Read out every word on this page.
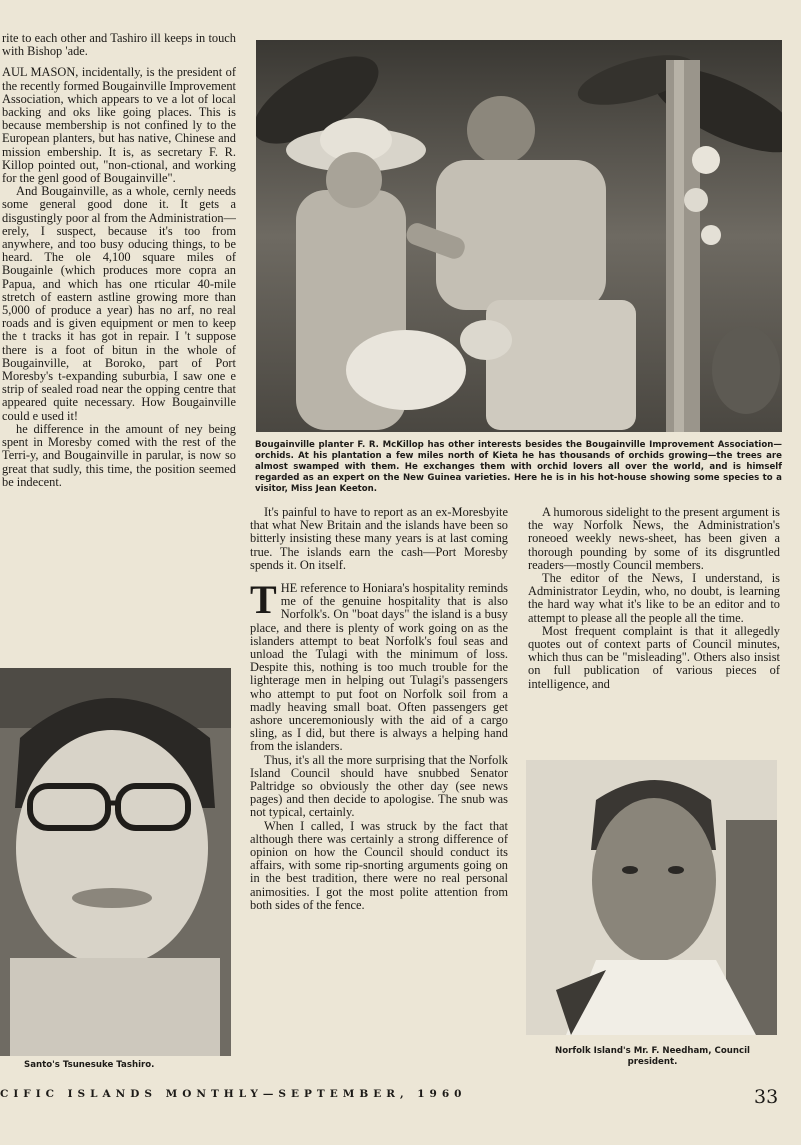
rite to each other and Tashiro ill keeps in touch with Bishop 'ade.

AUL MASON, incidentally, is the president of the recently formed Bougainville Improvement Association, which appears to ve a lot of local backing and oks like going places. This is because membership is not confined ly to the European planters, but has native, Chinese and mission embership. It is, as secretary F. R. Killop pointed out, "non-ctional, and working for the genl good of Bougainville".

And Bougainville, as a whole, cernly needs some general good done it. It gets a disgustingly poor al from the Administration—erely, I suspect, because it's too from anywhere, and too busy oducing things, to be heard. The ole 4,100 square miles of Bougainle (which produces more copra an Papua, and which has one rticular 40-mile stretch of eastern astline growing more than 5,000 of produce a year) has no arf, no real roads and is given equipment or men to keep the t tracks it has got in repair. I 't suppose there is a foot of bitun in the whole of Bougainville, at Boroko, part of Port Moresby's t-expanding suburbia, I saw one e strip of sealed road near the opping centre that appeared quite necessary. How Bougainville could e used it!

he difference in the amount of ney being spent in Moresby comed with the rest of the Terri-y, and Bougainville in parular, is now so great that sudly, this time, the position seemed be indecent.

Bougainville planter F. R. McKillop has other interests besides the Bougainville Improvement Association—orchids. At his plantation a few miles north of Kieta he has thousands of orchids growing—the trees are almost swamped with them. He exchanges them with orchid lovers all over the world, and is himself regarded as an expert on the New Guinea varieties. Here he is in his hot-house showing some species to a visitor, Miss Jean Keeton.

It's painful to have to report as an ex-Moresbyite that what New Britain and the islands have been so bitterly insisting these many years is at last coming true. The islands earn the cash—Port Moresby spends it. On itself.

THE reference to Honiara's hospitality reminds me of the genuine hospitality that is also Norfolk's. On "boat days" the island is a busy place, and there is plenty of work going on as the islanders attempt to beat Norfolk's foul seas and unload the Tulagi with the minimum of loss. Despite this, nothing is too much trouble for the lighterage men in helping out Tulagi's passengers who attempt to put foot on Norfolk soil from a madly heaving small boat. Often passengers get ashore unceremoniously with the aid of a cargo sling, as I did, but there is always a helping hand from the islanders.

Thus, it's all the more surprising that the Norfolk Island Council should have snubbed Senator Paltridge so obviously the other day (see news pages) and then decide to apologise. The snub was not typical, certainly.

When I called, I was struck by the fact that although there was certainly a strong difference of opinion on how the Council should conduct its affairs, with some rip-snorting arguments going on in the best tradition, there were no real personal animosities. I got the most polite attention from both sides of the fence.

A humorous sidelight to the present argument is the way Norfolk News, the Administration's roneoed weekly news-sheet, has been given a thorough pounding by some of its disgruntled readers—mostly Council members.

The editor of the News, I understand, is Administrator Leydin, who, no doubt, is learning the hard way what it's like to be an editor and to attempt to please all the people all the time.

Most frequent complaint is that it allegedly quotes out of context parts of Council minutes, which thus can be "misleading". Others also insist on full publication of various pieces of intelligence, and

Santo's Tsunesuke Tashiro.
Norfolk Island's Mr. F. Needham, Council president.
CIFIC ISLANDS MONTHLY—SEPTEMBER, 1960	33
